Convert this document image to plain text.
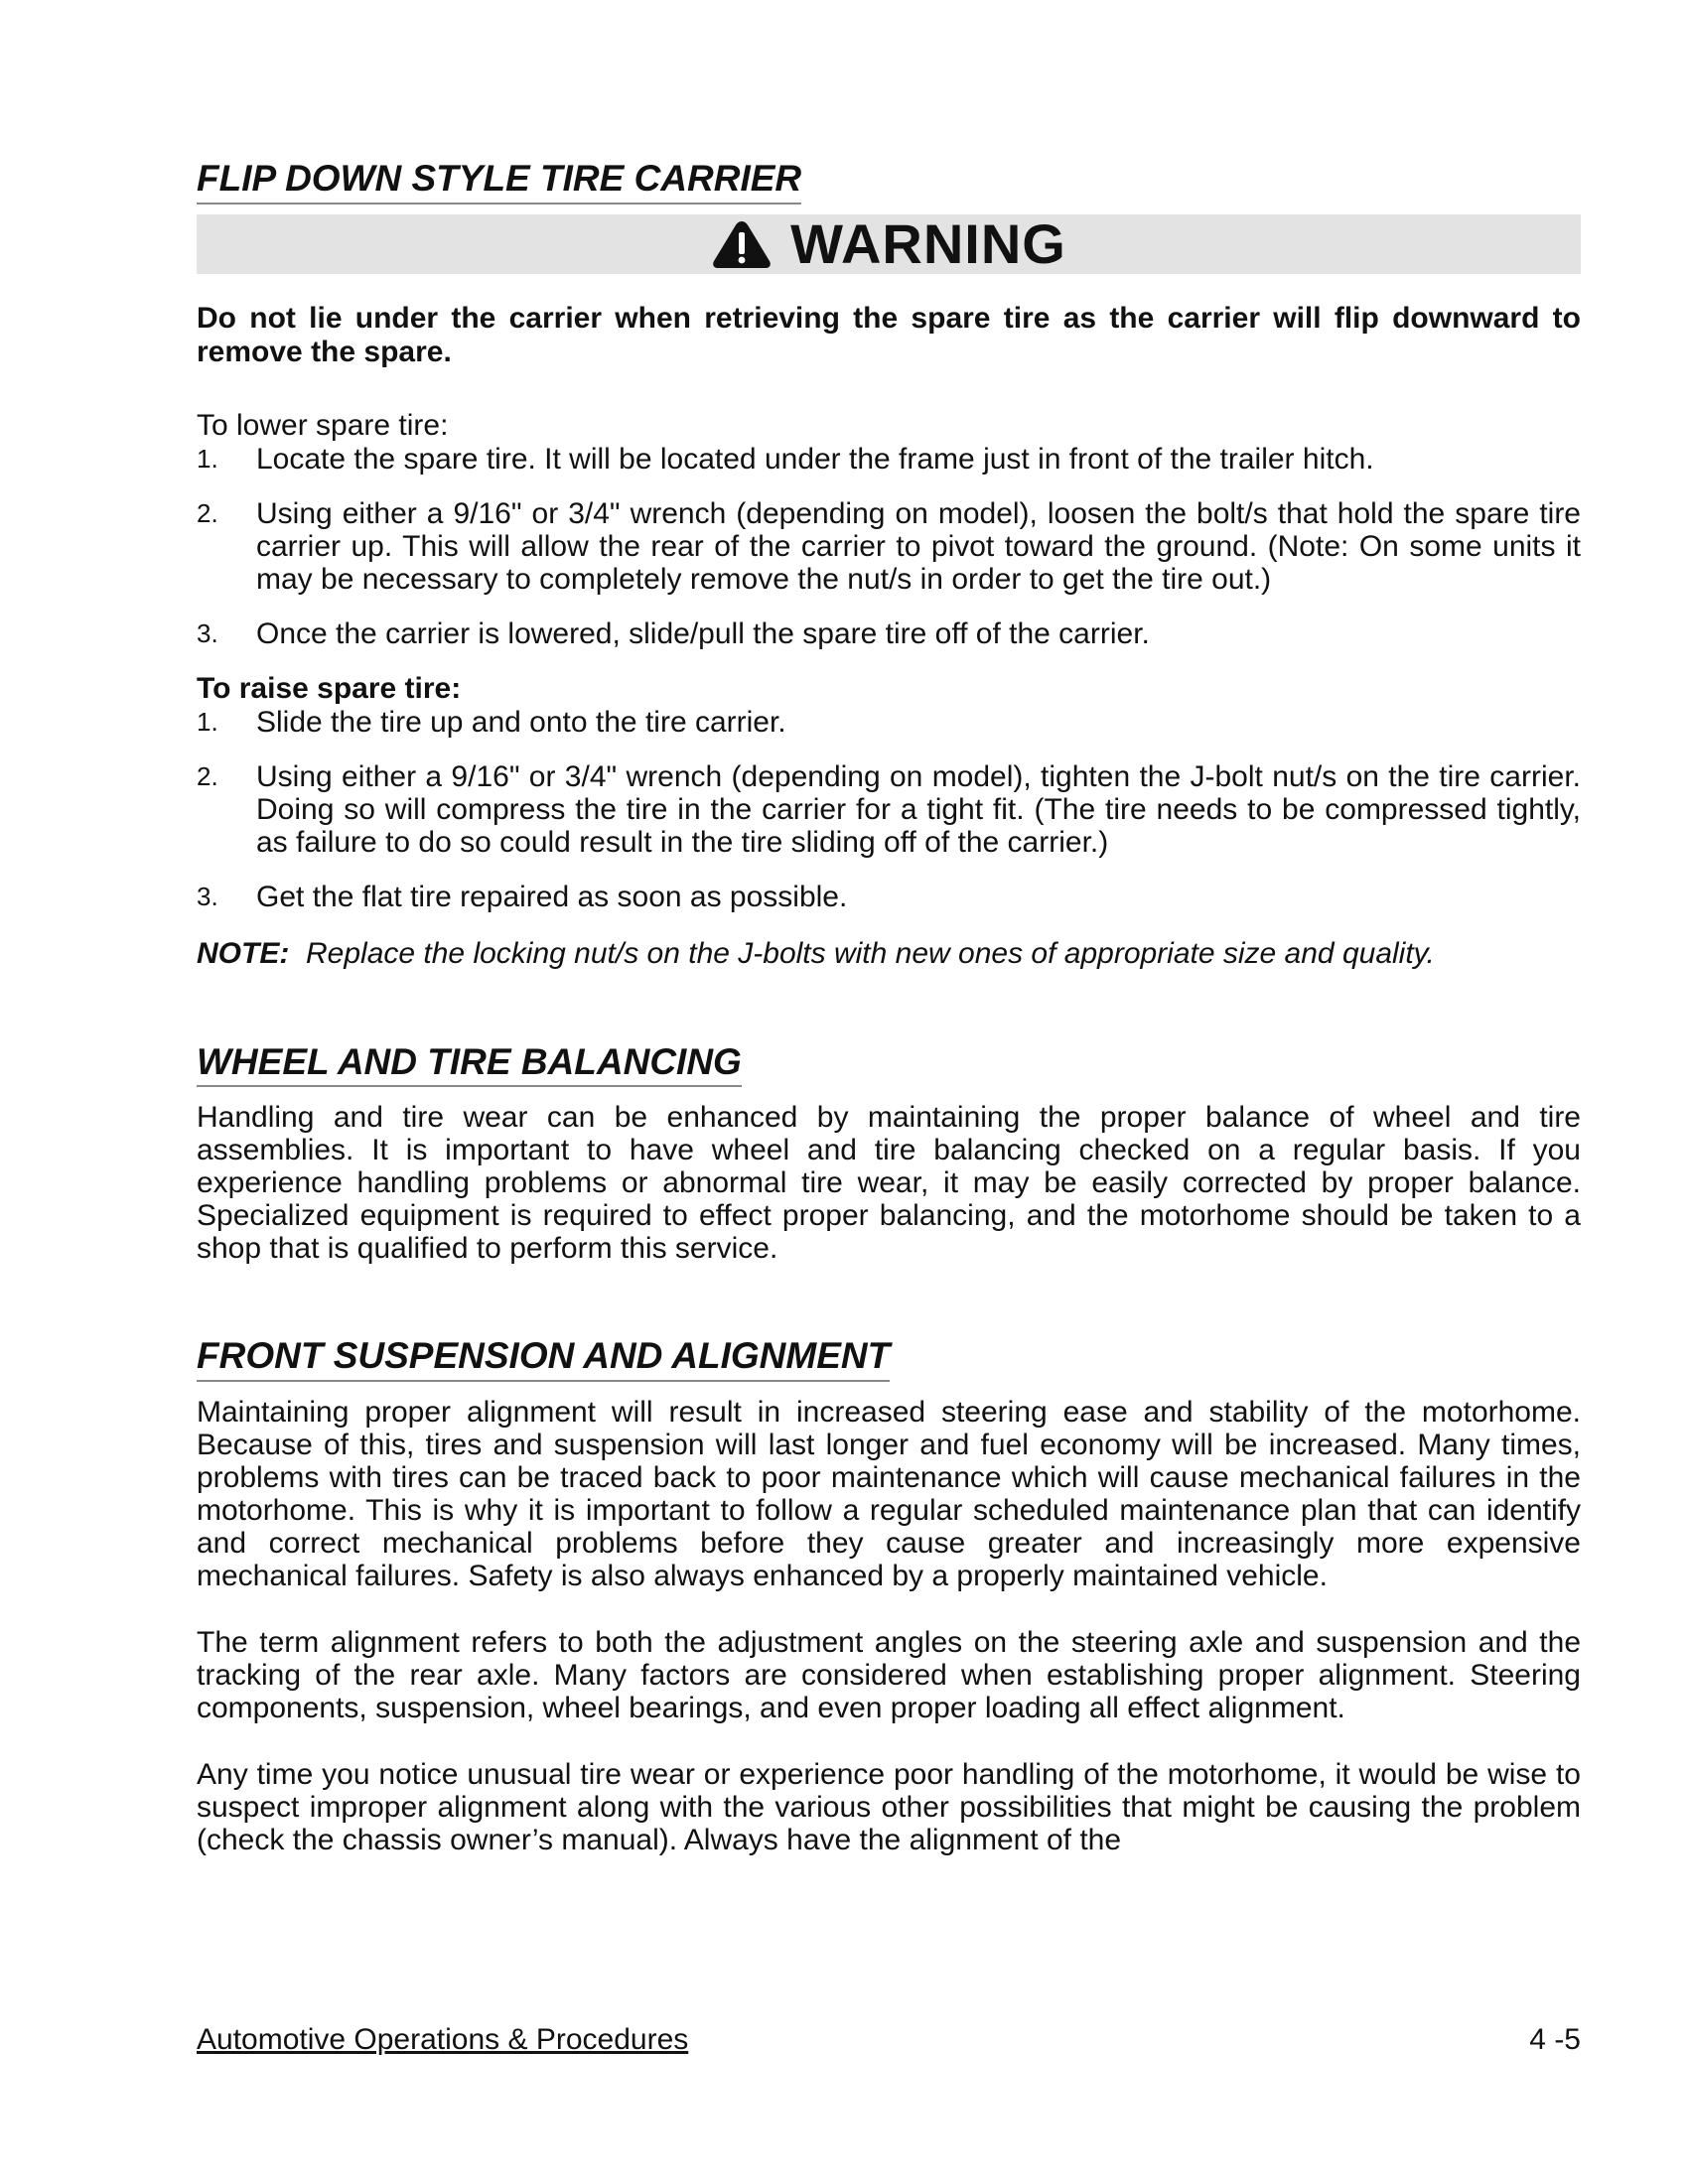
FLIP DOWN STYLE TIRE CARRIER
WARNING
Do not lie under the carrier when retrieving the spare tire as the carrier will flip downward to remove the spare.
To lower spare tire:
1.	Locate the spare tire. It will be located under the frame just in front of the trailer hitch.
2.	Using either a 9/16" or 3/4" wrench (depending on model), loosen the bolt/s that hold the spare tire carrier up. This will allow the rear of the carrier to pivot toward the ground. (Note: On some units it may be necessary to completely remove the nut/s in order to get the tire out.)
3.	Once the carrier is lowered, slide/pull the spare tire off of the carrier.
To raise spare tire:
1.	Slide the tire up and onto the tire carrier.
2.	Using either a 9/16" or 3/4" wrench (depending on model), tighten the J-bolt nut/s on the tire carrier. Doing so will compress the tire in the carrier for a tight fit. (The tire needs to be compressed tightly, as failure to do so could result in the tire sliding off of the carrier.)
3.	Get the flat tire repaired as soon as possible.
NOTE: Replace the locking nut/s on the J-bolts with new ones of appropriate size and quality.
WHEEL AND TIRE BALANCING

Handling and tire wear can be enhanced by maintaining the proper balance of wheel and tire assemblies. It is important to have wheel and tire balancing checked on a regular basis. If you experience handling problems or abnormal tire wear, it may be easily corrected by proper balance. Specialized equipment is required to effect proper balancing, and the motorhome should be taken to a shop that is qualified to perform this service.

FRONT SUSPENSION AND ALIGNMENT

Maintaining proper alignment will result in increased steering ease and stability of the motorhome. Because of this, tires and suspension will last longer and fuel economy will be increased. Many times, problems with tires can be traced back to poor maintenance which will cause mechanical failures in the motorhome. This is why it is important to follow a regular scheduled maintenance plan that can identify and correct mechanical problems before they cause greater and increasingly more expensive mechanical failures. Safety is also always enhanced by a properly maintained vehicle.

The term alignment refers to both the adjustment angles on the steering axle and suspension and the tracking of the rear axle. Many factors are considered when establishing proper alignment. Steering components, suspension, wheel bearings, and even proper loading all effect alignment.

Any time you notice unusual tire wear or experience poor handling of the motorhome, it would be wise to suspect improper alignment along with the various other possibilities that might be causing the problem (check the chassis owner’s manual). Always have the alignment of the

Automotive Operations & Procedures	4 -5
